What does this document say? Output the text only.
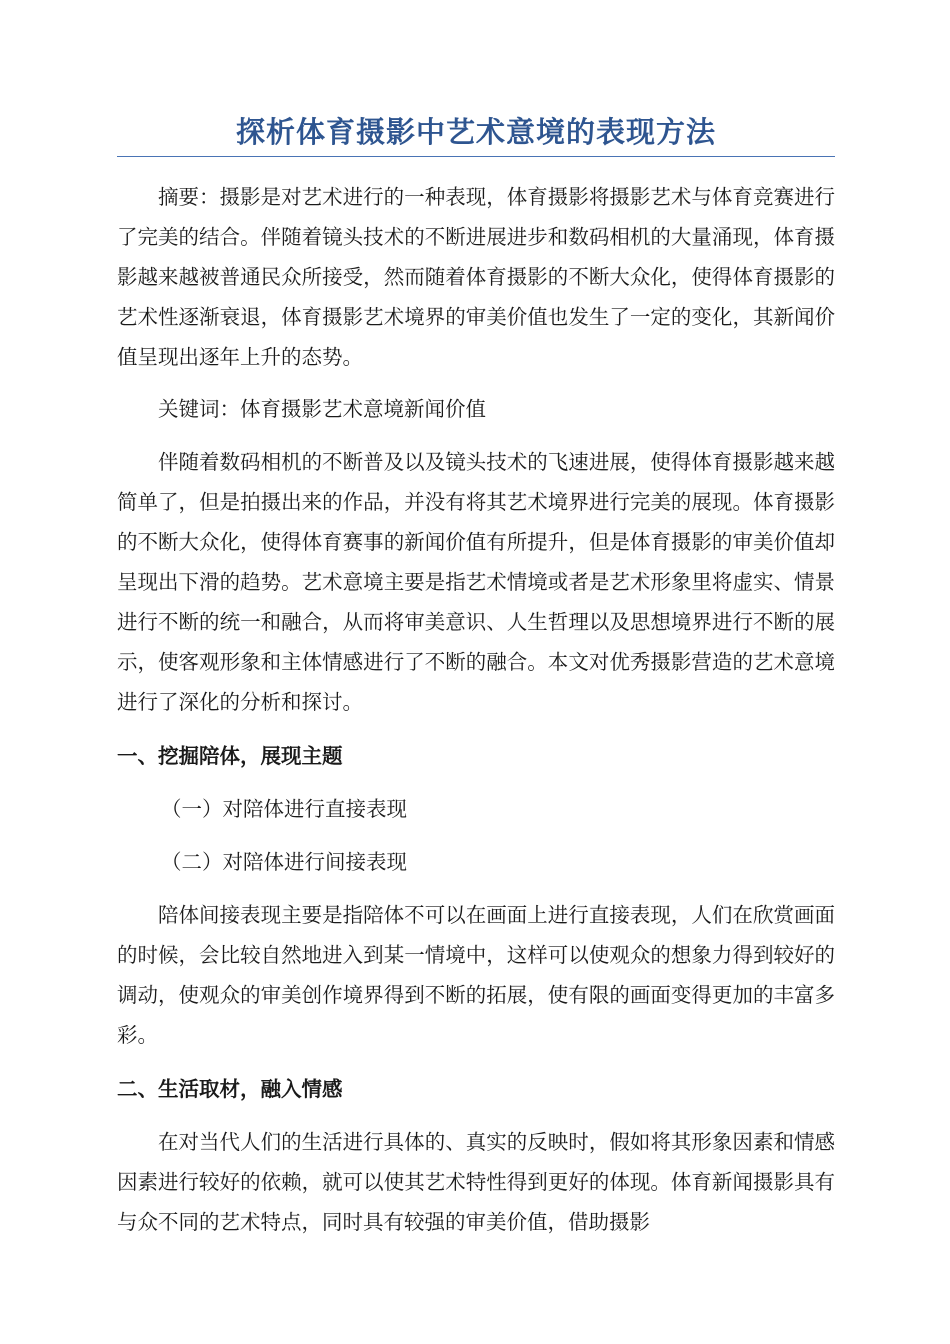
探析体育摄影中艺术意境的表现方法

摘要：摄影是对艺术进行的一种表现，体育摄影将摄影艺术与体育竞赛进行了完美的结合。伴随着镜头技术的不断进展进步和数码相机的大量涌现，体育摄影越来越被普通民众所接受，然而随着体育摄影的不断大众化，使得体育摄影的艺术性逐渐衰退，体育摄影艺术境界的审美价值也发生了一定的变化，其新闻价值呈现出逐年上升的态势。

关键词：体育摄影艺术意境新闻价值

伴随着数码相机的不断普及以及镜头技术的飞速进展，使得体育摄影越来越简单了，但是拍摄出来的作品，并没有将其艺术境界进行完美的展现。体育摄影的不断大众化，使得体育赛事的新闻价值有所提升，但是体育摄影的审美价值却呈现出下滑的趋势。艺术意境主要是指艺术情境或者是艺术形象里将虚实、情景进行不断的统一和融合，从而将审美意识、人生哲理以及思想境界进行不断的展示，使客观形象和主体情感进行了不断的融合。本文对优秀摄影营造的艺术意境进行了深化的分析和探讨。

一、挖掘陪体，展现主题

（一）对陪体进行直接表现

（二）对陪体进行间接表现

陪体间接表现主要是指陪体不可以在画面上进行直接表现，人们在欣赏画面的时候，会比较自然地进入到某一情境中，这样可以使观众的想象力得到较好的调动，使观众的审美创作境界得到不断的拓展，使有限的画面变得更加的丰富多彩。

二、生活取材，融入情感

在对当代人们的生活进行具体的、真实的反映时，假如将其形象因素和情感因素进行较好的依赖，就可以使其艺术特性得到更好的体现。体育新闻摄影具有与众不同的艺术特点，同时具有较强的审美价值，借助摄影
